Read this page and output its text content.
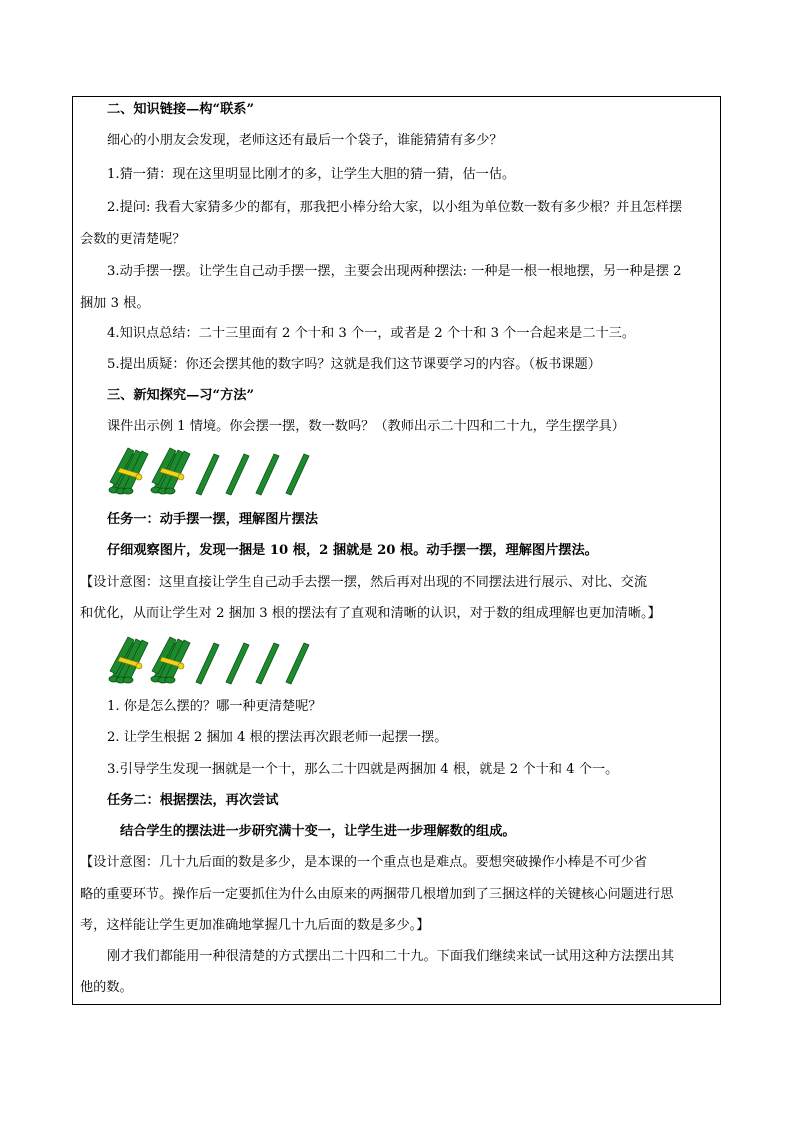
二、知识链接—构“联系”
细心的小朋友会发现，老师这还有最后一个袋子，谁能猜猜有多少？
1.猜一猜：现在这里明显比刚才的多，让学生大胆的猜一猜，估一估。
2.提问: 我看大家猜多少的都有，那我把小棒分给大家，以小组为单位数一数有多少根？并且怎样摆
会数的更清楚呢？
3.动手摆一摆。让学生自己动手摆一摆，主要会出现两种摆法: 一种是一根一根地摆，另一种是摆 2
捆加 3 根。
4.知识点总结：二十三里面有 2 个十和 3 个一，或者是 2 个十和 3 个一合起来是二十三。
5.提出质疑：你还会摆其他的数字吗？这就是我们这节课要学习的内容。（板书课题）
三、新知探究—习“方法”
课件出示例 1 情境。你会摆一摆，数一数吗？（教师出示二十四和二十九，学生摆学具）
任务一：动手摆一摆，理解图片摆法
仔细观察图片，发现一捆是 10 根，2 捆就是 20 根。动手摆一摆，理解图片摆法。
【设计意图：这里直接让学生自己动手去摆一摆，然后再对出现的不同摆法进行展示、对比、交流
和优化，从而让学生对 2 捆加 3 根的摆法有了直观和清晰的认识，对于数的组成理解也更加清晰。】
1. 你是怎么摆的？哪一种更清楚呢？
2. 让学生根据 2 捆加 4 根的摆法再次跟老师一起摆一摆。
3.引导学生发现一捆就是一个十，那么二十四就是两捆加 4 根，就是 2 个十和 4 个一。
任务二：根据摆法，再次尝试
结合学生的摆法进一步研究满十变一，让学生进一步理解数的组成。
【设计意图：几十九后面的数是多少，是本课的一个重点也是难点。要想突破操作小棒是不可少省
略的重要环节。操作后一定要抓住为什么由原来的两捆带几根增加到了三捆这样的关键核心问题进行思
考，这样能让学生更加准确地掌握几十九后面的数是多少。】
刚才我们都能用一种很清楚的方式摆出二十四和二十九。下面我们继续来试一试用这种方法摆出其
他的数。
